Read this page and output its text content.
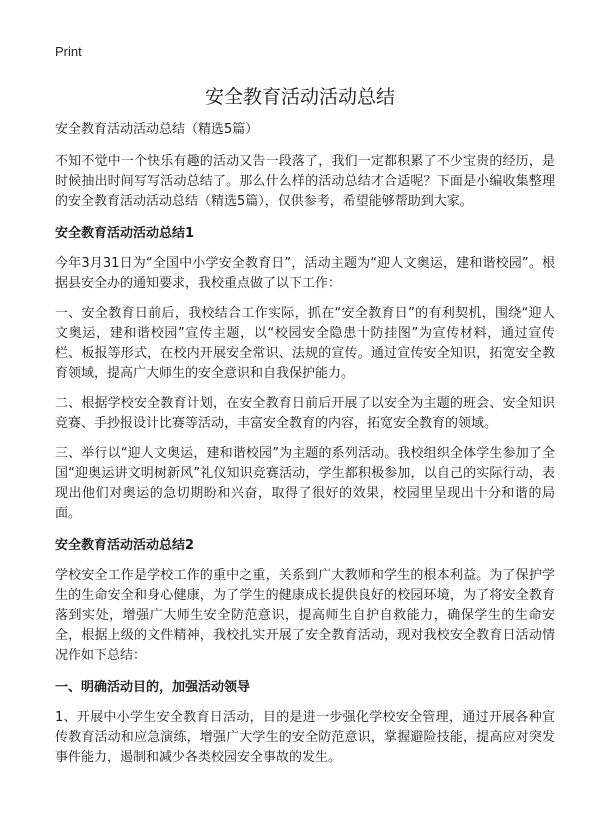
Print
安全教育活动活动总结

安全教育活动活动总结（精选5篇）

不知不觉中一个快乐有趣的活动又告一段落了，我们一定都积累了不少宝贵的经历，是时候抽出时间写写活动总结了。那么什么样的活动总结才合适呢？下面是小编收集整理的安全教育活动活动总结（精选5篇），仅供参考，希望能够帮助到大家。

安全教育活动活动总结1

今年3月31日为“全国中小学安全教育日”，活动主题为“迎人文奥运，建和谐校园”。根据县安全办的通知要求，我校重点做了以下工作：

一、安全教育日前后，我校结合工作实际，抓在“安全教育日”的有利契机，围绕“迎人文奥运，建和谐校园”宣传主题，以“校园安全隐患十防挂图”为宣传材料，通过宣传栏、板报等形式，在校内开展安全常识、法规的宣传。通过宣传安全知识，拓宽安全教育领域，提高广大师生的安全意识和自我保护能力。

二、根据学校安全教育计划，在安全教育日前后开展了以安全为主题的班会、安全知识竞赛、手抄报设计比赛等活动，丰富安全教育的内容，拓宽安全教育的领域。

三、举行以“迎人文奥运，建和谐校园”为主题的系列活动。我校组织全体学生参加了全国“迎奥运讲文明树新风”礼仪知识竞赛活动，学生都积极参加，以自己的实际行动，表现出他们对奥运的急切期盼和兴奋，取得了很好的效果，校园里呈现出十分和谐的局面。

安全教育活动活动总结2

学校安全工作是学校工作的重中之重，关系到广大教师和学生的根本利益。为了保护学生的生命安全和身心健康，为了学生的健康成长提供良好的校园环境，为了将安全教育落到实处，增强广大师生安全防范意识，提高师生自护自救能力，确保学生的生命安全，根据上级的文件精神，我校扎实开展了安全教育活动，现对我校安全教育日活动情况作如下总结：

一、明确活动目的，加强活动领导

1、开展中小学生安全教育日活动，目的是进一步强化学校安全管理，通过开展各种宣传教育活动和应急演练，增强广大学生的安全防范意识，掌握避险技能，提高应对突发事件能力，遏制和减少各类校园安全事故的发生。
